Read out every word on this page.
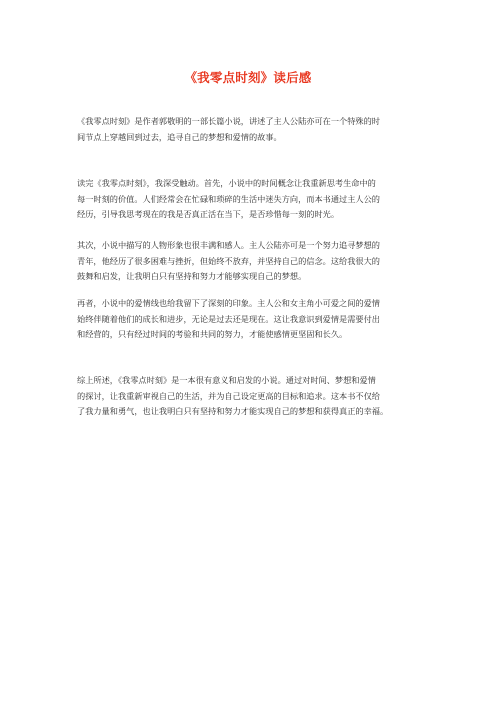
《我零点时刻》读后感
《我零点时刻》是作者郭敬明的一部长篇小说，讲述了主人公陆亦可在一个特殊的时
间节点上穿越回到过去，追寻自己的梦想和爱情的故事。
读完《我零点时刻》，我深受触动。首先，小说中的时间概念让我重新思考生命中的
每一时刻的价值。人们经常会在忙碌和琐碎的生活中迷失方向，而本书通过主人公的
经历，引导我思考现在的我是否真正活在当下，是否珍惜每一刻的时光。
其次，小说中描写的人物形象也很丰满和感人。主人公陆亦可是一个努力追寻梦想的
青年，他经历了很多困难与挫折，但始终不放弃，并坚持自己的信念。这给我很大的
鼓舞和启发，让我明白只有坚持和努力才能够实现自己的梦想。
再者，小说中的爱情线也给我留下了深刻的印象。主人公和女主角小可爱之间的爱情
始终伴随着他们的成长和进步，无论是过去还是现在。这让我意识到爱情是需要付出
和经营的，只有经过时间的考验和共同的努力，才能使感情更坚固和长久。
综上所述，《我零点时刻》是一本很有意义和启发的小说。通过对时间、梦想和爱情
的探讨，让我重新审视自己的生活，并为自己设定更高的目标和追求。这本书不仅给
了我力量和勇气，也让我明白只有坚持和努力才能实现自己的梦想和获得真正的幸福。
